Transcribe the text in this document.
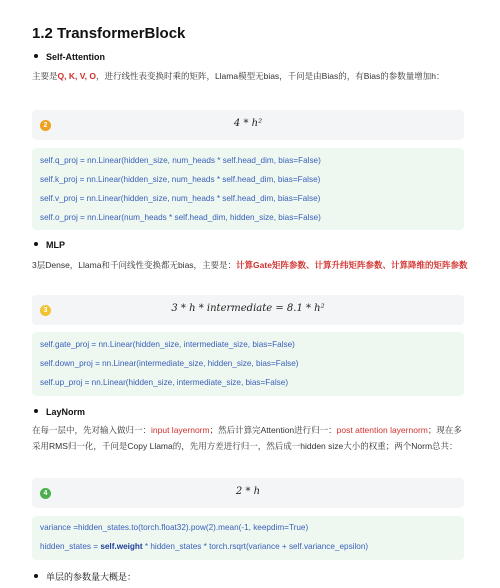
1.2 TransformerBlock
Self-Attention
主要是Q, K, V, O，进行线性表变换时乘的矩阵，Llama模型无bias，千问是由Bias的，有Bias的参数量增加h：
2	4 * h²
self.q_proj = nn.Linear(hidden_size, num_heads * self.head_dim, bias=False)
self.k_proj = nn.Linear(hidden_size, num_heads * self.head_dim, bias=False)
self.v_proj = nn.Linear(hidden_size, num_heads * self.head_dim, bias=False)
self.o_proj = nn.Linear(num_heads * self.head_dim, hidden_size, bias=False)
MLP
3层Dense，Llama和千问线性变换都无bias，主要是：计算Gate矩阵参数、计算升纬矩阵参数、计算降维的矩阵参数
3	3 * h * intermediate = 8.1 * h²
self.gate_proj = nn.Linear(hidden_size, intermediate_size, bias=False)
self.down_proj = nn.Linear(intermediate_size, hidden_size, bias=False)
self.up_proj = nn.Linear(hidden_size, intermediate_size, bias=False)
LayNorm
在每一层中，先对输入做归一：input layernorm；然后计算完Attention进行归一：post attention layernorm；现在多采用RMS归一化，千问是Copy Llama的，先用方差进行归一，然后成一hidden size大小的权重；两个Norm总共：
4	2 * h
variance =hidden_states.to(torch.float32).pow(2).mean(-1, keepdim=True)
hidden_states = self.weight * hidden_states * torch.rsqrt(variance + self.variance_epsilon)
单层的参数量大概是：
